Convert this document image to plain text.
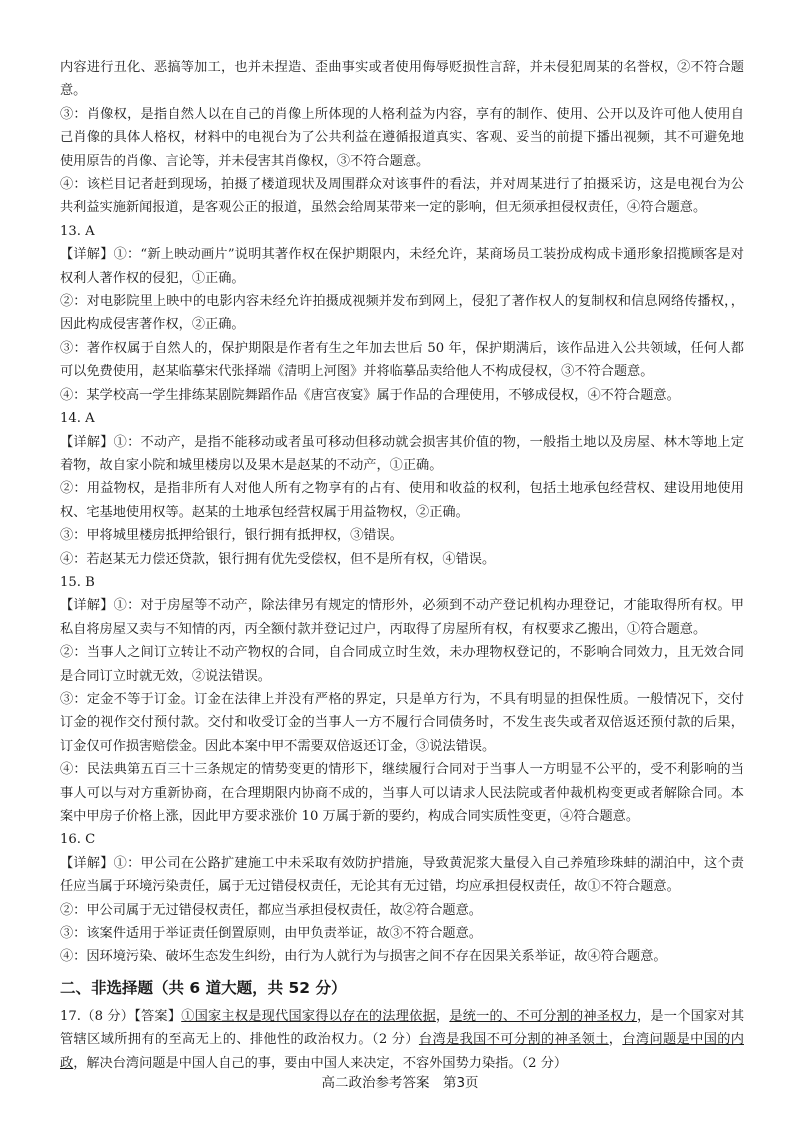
内容进行丑化、恶搞等加工，也并未捏造、歪曲事实或者使用侮辱贬损性言辞，并未侵犯周某的名誉权，②不符合题意。

③：肖像权，是指自然人以在自己的肖像上所体现的人格利益为内容，享有的制作、使用、公开以及许可他人使用自己肖像的具体人格权，材料中的电视台为了公共利益在遵循报道真实、客观、妥当的前提下播出视频，其不可避免地使用原告的肖像、言论等，并未侵害其肖像权，③不符合题意。

④：该栏目记者赶到现场，拍摄了楼道现状及周围群众对该事件的看法，并对周某进行了拍摄采访，这是电视台为公共利益实施新闻报道，是客观公正的报道，虽然会给周某带来一定的影响，但无须承担侵权责任，④符合题意。

13. A

【详解】①：“新上映动画片”说明其著作权在保护期限内，未经允许，某商场员工装扮成构成卡通形象招揽顾客是对权利人著作权的侵犯，①正确。

②：对电影院里上映中的电影内容未经允许拍摄成视频并发布到网上，侵犯了著作权人的复制权和信息网络传播权，，因此构成侵害著作权，②正确。

③：著作权属于自然人的，保护期限是作者有生之年加去世后 50 年，保护期满后，该作品进入公共领域，任何人都可以免费使用，赵某临摹宋代张择端《清明上河图》并将临摹品卖给他人不构成侵权，③不符合题意。

④：某学校高一学生排练某剧院舞蹈作品《唐宫夜宴》属于作品的合理使用，不够成侵权，④不符合题意。

14. A

【详解】①：不动产，是指不能移动或者虽可移动但移动就会损害其价值的物，一般指土地以及房屋、林木等地上定着物，故自家小院和城里楼房以及果木是赵某的不动产，①正确。

②：用益物权，是指非所有人对他人所有之物享有的占有、使用和收益的权利，包括土地承包经营权、建设用地使用权、宅基地使用权等。赵某的土地承包经营权属于用益物权，②正确。

③：甲将城里楼房抵押给银行，银行拥有抵押权，③错误。

④：若赵某无力偿还贷款，银行拥有优先受偿权，但不是所有权，④错误。

15. B

【详解】①：对于房屋等不动产，除法律另有规定的情形外，必须到不动产登记机构办理登记，才能取得所有权。甲私自将房屋又卖与不知情的丙，丙全额付款并登记过户，丙取得了房屋所有权，有权要求乙搬出，①符合题意。

②：当事人之间订立转让不动产物权的合同，自合同成立时生效，未办理物权登记的，不影响合同效力，且无效合同是合同订立时就无效，②说法错误。

③：定金不等于订金。订金在法律上并没有严格的界定，只是单方行为，不具有明显的担保性质。一般情况下，交付订金的视作交付预付款。交付和收受订金的当事人一方不履行合同债务时，不发生丧失或者双倍返还预付款的后果，订金仅可作损害赔偿金。因此本案中甲不需要双倍返还订金，③说法错误。

④：民法典第五百三十三条规定的情势变更的情形下，继续履行合同对于当事人一方明显不公平的，受不利影响的当事人可以与对方重新协商，在合理期限内协商不成的，当事人可以请求人民法院或者仲裁机构变更或者解除合同。本案中甲房子价格上涨，因此甲方要求涨价 10 万属于新的要约，构成合同实质性变更，④符合题意。

16. C

【详解】①：甲公司在公路扩建施工中未采取有效防护措施，导致黄泥浆大量侵入自己养殖珍珠蚌的湖泊中，这个责任应当属于环境污染责任，属于无过错侵权责任，无论其有无过错，均应承担侵权责任，故①不符合题意。

②：甲公司属于无过错侵权责任，都应当承担侵权责任，故②符合题意。

③：该案件适用于举证责任倒置原则，由甲负责举证，故③不符合题意。

④：因环境污染、破坏生态发生纠纷，由行为人就行为与损害之间不存在因果关系举证，故④符合题意。

二、非选择题（共 6 道大题，共 52 分）

17.（8 分）【答案】①国家主权是现代国家得以存在的法理依据，是统一的、不可分割的神圣权力，是一个国家对其管辖区域所拥有的至高无上的、排他性的政治权力。（2 分）台湾是我国不可分割的神圣领土，台湾问题是中国的内政，解决台湾问题是中国人自己的事，要由中国人来决定，不容外国势力染指。（2 分）

高二政治参考答案　第3页
